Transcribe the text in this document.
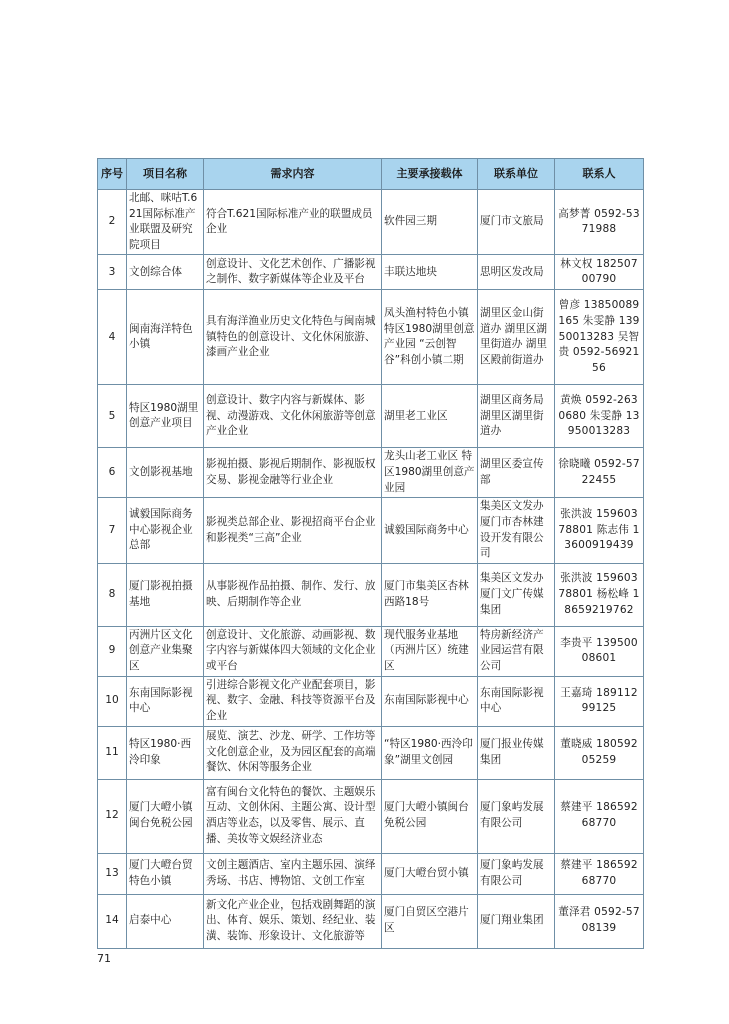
序号	项目名称	需求内容	主要承接载体	联系单位	联系人
2	北邮、咪咕T.621国际标准产业联盟及研究院项目	符合T.621国际标准产业的联盟成员企业	软件园三期	厦门市文旅局	高梦菁 0592-5371988
3	文创综合体	创意设计、文化艺术创作、广播影视之制作、数字新媒体等企业及平台	丰联达地块	思明区发改局	林文权 18250700790
4	闽南海洋特色小镇	具有海洋渔业历史文化特色与闽南城镇特色的创意设计、文化休闲旅游、漆画产业企业	凤头渔村特色小镇 特区1980湖里创意产业园 “云创智谷”科创小镇二期	湖里区金山街道办 湖里区湖里街道办 湖里区殿前街道办	曾彦 13850089165 朱雯静 13950013283 吴智贵 0592-5692156
5	特区1980湖里创意产业项目	创意设计、数字内容与新媒体、影视、动漫游戏、文化休闲旅游等创意产业企业	湖里老工业区	湖里区商务局 湖里区湖里街道办	黄焕 0592-2630680 朱雯静 13950013283
6	文创影视基地	影视拍摄、影视后期制作、影视版权交易、影视金融等行业企业	龙头山老工业区 特区1980湖里创意产业园	湖里区委宣传部	徐晓曦 0592-5722455
7	诚毅国际商务中心影视企业总部	影视类总部企业、影视招商平台企业和影视类“三高”企业	诚毅国际商务中心	集美区文发办 厦门市杏林建设开发有限公司	张洪波 15960378801 陈志伟 13600919439
8	厦门影视拍摄基地	从事影视作品拍摄、制作、发行、放映、后期制作等企业	厦门市集美区杏林西路18号	集美区文发办 厦门文广传媒集团	张洪波 15960378801 杨松峰 18659219762
9	丙洲片区文化创意产业集聚区	创意设计、文化旅游、动画影视、数字内容与新媒体四大领域的文化企业或平台	现代服务业基地（丙洲片区）统建区	特房新经济产业园运营有限公司	李贵平 13950008601
10	东南国际影视中心	引进综合影视文化产业配套项目，影视、数字、金融、科技等资源平台及企业	东南国际影视中心	东南国际影视中心	王嘉琦 18911299125
11	特区1980·西泠印象	展览、演艺、沙龙、研学、工作坊等文化创意企业，及为园区配套的高端餐饮、休闲等服务企业	“特区1980·西泠印象”湖里文创园	厦门报业传媒集团	董晓威 18059205259
12	厦门大嶝小镇闽台免税公园	富有闽台文化特色的餐饮、主题娱乐互动、文创休闲、主题公寓、设计型酒店等业态，以及零售、展示、直播、美妆等文娱经济业态	厦门大嶝小镇闽台免税公园	厦门象屿发展有限公司	蔡建平 18659268770
13	厦门大嶝台贸特色小镇	文创主题酒店、室内主题乐园、演绎秀场、书店、博物馆、文创工作室	厦门大嶝台贸小镇	厦门象屿发展有限公司	蔡建平 18659268770
14	启泰中心	新文化产业企业，包括戏剧舞蹈的演出、体育、娱乐、策划、经纪业、装潢、装饰、形象设计、文化旅游等	厦门自贸区空港片区	厦门翔业集团	董泽君 0592-5708139
71
